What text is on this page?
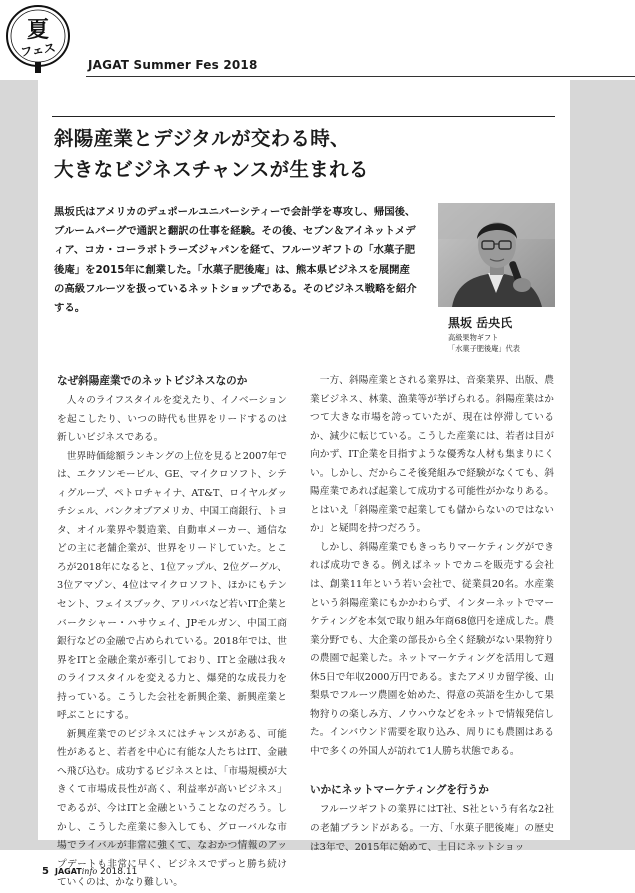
夏
フェス
JAGAT Summer Fes 2018
斜陽産業とデジタルが交わる時、
大きなビジネスチャンスが生まれる

黒坂氏はアメリカのデュポールユニバーシティーで会計学を専攻し、帰国後、ブルームバーグで通訳と翻訳の仕事を経験。その後、セブン＆アイネットメディア、コカ・コーラボトラーズジャパンを経て、フルーツギフトの「水菓子肥後庵」を2015年に創業した。「水菓子肥後庵」は、熊本県ビジネスを展開産の高級フルーツを扱っているネットショップである。そのビジネス戦略を紹介する。

黒坂 岳央氏
高級果物ギフト
「水菓子肥後庵」代表
なぜ斜陽産業でのネットビジネスなのか

人々のライフスタイルを変えたり、イノベーションを起こしたり、いつの時代も世界をリードするのは新しいビジネスである。

世界時価総額ランキングの上位を見ると2007年では、エクソンモービル、GE、マイクロソフト、シティグループ、ペトロチャイナ、AT&T、ロイヤルダッチシェル、バンクオブアメリカ、中国工商銀行、トヨタ、オイル業界や製造業、自動車メーカー、通信などの主に老舗企業が、世界をリードしていた。ところが2018年になると、1位アップル、2位グーグル、3位アマゾン、4位はマイクロソフト、ほかにもテンセント、フェイスブック、アリババなど若いIT企業とバークシャー・ハサウェイ、JPモルガン、中国工商銀行などの金融で占められている。2018年では、世界をITと金融企業が牽引しており、ITと金融は我々のライフスタイルを変える力と、爆発的な成長力を持っている。こうした会社を新興企業、新興産業と呼ぶことにする。

新興産業でのビジネスにはチャンスがある、可能性があると、若者を中心に有能な人たちはIT、金融へ飛び込む。成功するビジネスとは、「市場規模が大きくて市場成長性が高く、利益率が高いビジネス」であるが、今はITと金融ということなのだろう。しかし、こうした産業に参入しても、グローバルな市場でライバルが非常に強くて、なおかつ情報のアップデートも非常に早く、ビジネスでずっと勝ち続けていくのは、かなり難しい。

一方、斜陽産業とされる業界は、音楽業界、出版、農業ビジネス、林業、漁業等が挙げられる。斜陽産業はかつて大きな市場を誇っていたが、現在は停滞しているか、減少に転じている。こうした産業には、若者は目が向かず、IT企業を目指すような優秀な人材も集まりにくい。しかし、だからこそ後発組みで経験がなくても、斜陽産業であれば起業して成功する可能性がかなりある。とはいえ「斜陽産業で起業しても儲からないのではないか」と疑問を持つだろう。

しかし、斜陽産業でもきっちりマーケティングができれば成功できる。例えばネットでカニを販売する会社は、創業11年という若い会社で、従業員20名。水産業という斜陽産業にもかかわらず、インターネットでマーケティングを本気で取り組み年商68億円を達成した。農業分野でも、大企業の部長から全く経験がない果物狩りの農園で起業した。ネットマーケティングを活用して週休5日で年収2000万円である。またアメリカ留学後、山梨県でフルーツ農園を始めた、得意の英語を生かして果物狩りの楽しみ方、ノウハウなどをネットで情報発信した。インバウンド需要を取り込み、周りにも農園はある中で多くの外国人が訪れて1人勝ち状態である。

いかにネットマーケティングを行うか

フルーツギフトの業界にはT社、S社という有名な2社の老舗ブランドがある。一方、「水菓子肥後庵」の歴史は3年で、2015年に始めて、土日にネットショッ

5 JAGATinfo 2018.11
